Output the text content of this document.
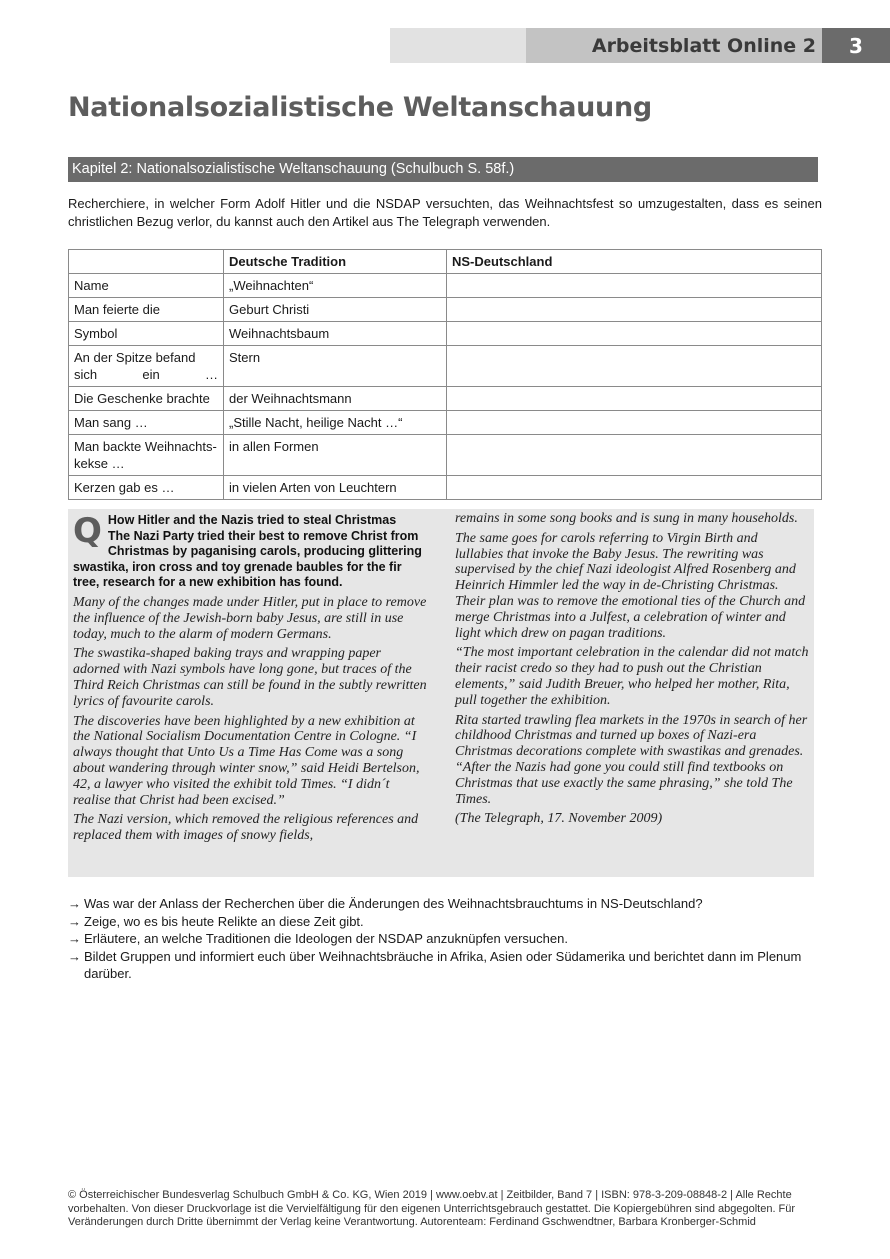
Arbeitsblatt Online 2	3
Nationalsozialistische Weltanschauung
Kapitel 2: Nationalsozialistische Weltanschauung (Schulbuch S. 58f.)

Recherchiere, in welcher Form Adolf Hitler und die NSDAP versuchten, das Weihnachtsfest so umzugestalten, dass es seinen christlichen Bezug verlor, du kannst auch den Artikel aus The Telegraph verwenden.

	Deutsche Tradition	NS-Deutschland
Name	„Weihnachten“	
Man feierte die	Geburt Christi	
Symbol	Weihnachtsbaum	
An der Spitze befand sich ein …	Stern	
Die Geschenke brachte	der Weihnachtsmann	
Man sang …	„Stille Nacht, heilige Nacht …“	
Man backte Weihnachts-kekse …	in allen Formen	
Kerzen gab es …	in vielen Arten von Leuchtern	
Q How Hitler and the Nazis tried to steal Christmas

The Nazi Party tried their best to remove Christ from Christmas by paganising carols, producing glittering swastika, iron cross and toy grenade baubles for the fir tree, research for a new exhibition has found.

Many of the changes made under Hitler, put in place to remove the influence of the Jewish-born baby Jesus, are still in use today, much to the alarm of modern Germans.

The swastika-shaped baking trays and wrapping paper adorned with Nazi symbols have long gone, but traces of the Third Reich Christmas can still be found in the subtly rewritten lyrics of favourite carols.

The discoveries have been highlighted by a new exhibition at the National Socialism Documentation Centre in Cologne. “I always thought that Unto Us a Time Has Come was a song about wandering through winter snow,” said Heidi Bertelson, 42, a lawyer who visited the exhibit told Times. “I didn´t realise that Christ had been excised.”

The Nazi version, which removed the religious references and replaced them with images of snowy fields,

remains in some song books and is sung in many households.

The same goes for carols referring to Virgin Birth and lullabies that invoke the Baby Jesus. The rewriting was supervised by the chief Nazi ideologist Alfred Rosenberg and Heinrich Himmler led the way in de-Christing Christmas. Their plan was to remove the emotional ties of the Church and merge Christmas into a Julfest, a celebration of winter and light which drew on pagan traditions.

“The most important celebration in the calendar did not match their racist credo so they had to push out the Christian elements,” said Judith Breuer, who helped her mother, Rita, pull together the exhibition.

Rita started trawling flea markets in the 1970s in search of her childhood Christmas and turned up boxes of Nazi-era Christmas decorations complete with swastikas and grenades. “After the Nazis had gone you could still find textbooks on Christmas that use exactly the same phrasing,” she told The Times.

(The Telegraph, 17. November 2009)

→ Was war der Anlass der Recherchen über die Änderungen des Weihnachtsbrauchtums in NS-Deutschland?
→ Zeige, wo es bis heute Relikte an diese Zeit gibt.
→ Erläutere, an welche Traditionen die Ideologen der NSDAP anzuknüpfen versuchen.
→ Bildet Gruppen und informiert euch über Weihnachtsbräuche in Afrika, Asien oder Südamerika und berichtet dann im Plenum darüber.

© Österreichischer Bundesverlag Schulbuch GmbH & Co. KG, Wien 2019 | www.oebv.at | Zeitbilder, Band 7 | ISBN: 978-3-209-08848-2 | Alle Rechte vorbehalten. Von dieser Druckvorlage ist die Vervielfältigung für den eigenen Unterrichtsgebrauch gestattet. Die Kopiergebühren sind abgegolten. Für Veränderungen durch Dritte übernimmt der Verlag keine Verantwortung. Autorenteam: Ferdinand Gschwendtner, Barbara Kronberger-Schmid
